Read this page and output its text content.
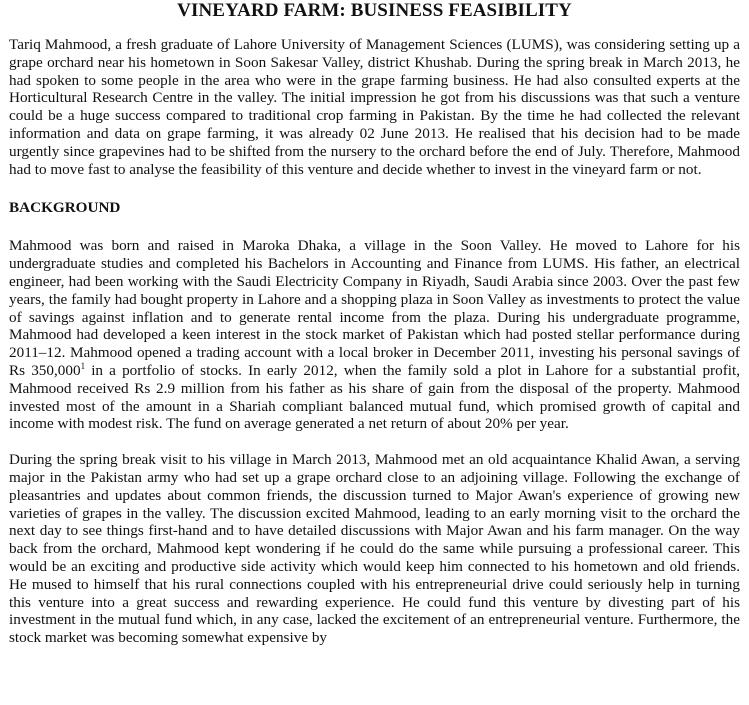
VINEYARD FARM: BUSINESS FEASIBILITY

Tariq Mahmood, a fresh graduate of Lahore University of Management Sciences (LUMS), was considering setting up a grape orchard near his hometown in Soon Sakesar Valley, district Khushab. During the spring break in March 2013, he had spoken to some people in the area who were in the grape farming business. He had also consulted experts at the Horticultural Research Centre in the valley. The initial impression he got from his discussions was that such a venture could be a huge success compared to traditional crop farming in Pakistan. By the time he had collected the relevant information and data on grape farming, it was already 02 June 2013. He realised that his decision had to be made urgently since grapevines had to be shifted from the nursery to the orchard before the end of July. Therefore, Mahmood had to move fast to analyse the feasibility of this venture and decide whether to invest in the vineyard farm or not.

BACKGROUND

Mahmood was born and raised in Maroka Dhaka, a village in the Soon Valley. He moved to Lahore for his undergraduate studies and completed his Bachelors in Accounting and Finance from LUMS. His father, an electrical engineer, had been working with the Saudi Electricity Company in Riyadh, Saudi Arabia since 2003. Over the past few years, the family had bought property in Lahore and a shopping plaza in Soon Valley as investments to protect the value of savings against inflation and to generate rental income from the plaza. During his undergraduate programme, Mahmood had developed a keen interest in the stock market of Pakistan which had posted stellar performance during 2011–12. Mahmood opened a trading account with a local broker in December 2011, investing his personal savings of Rs 350,000$^1$ in a portfolio of stocks. In early 2012, when the family sold a plot in Lahore for a substantial profit, Mahmood received Rs 2.9 million from his father as his share of gain from the disposal of the property. Mahmood invested most of the amount in a Shariah compliant balanced mutual fund, which promised growth of capital and income with modest risk. The fund on average generated a net return of about 20% per year.

During the spring break visit to his village in March 2013, Mahmood met an old acquaintance Khalid Awan, a serving major in the Pakistan army who had set up a grape orchard close to an adjoining village. Following the exchange of pleasantries and updates about common friends, the discussion turned to Major Awan's experience of growing new varieties of grapes in the valley. The discussion excited Mahmood, leading to an early morning visit to the orchard the next day to see things first-hand and to have detailed discussions with Major Awan and his farm manager. On the way back from the orchard, Mahmood kept wondering if he could do the same while pursuing a professional career. This would be an exciting and productive side activity which would keep him connected to his hometown and old friends. He mused to himself that his rural connections coupled with his entrepreneurial drive could seriously help in turning this venture into a great success and rewarding experience. He could fund this venture by divesting part of his investment in the mutual fund which, in any case, lacked the excitement of an entrepreneurial venture. Furthermore, the stock market was becoming somewhat expensive by
